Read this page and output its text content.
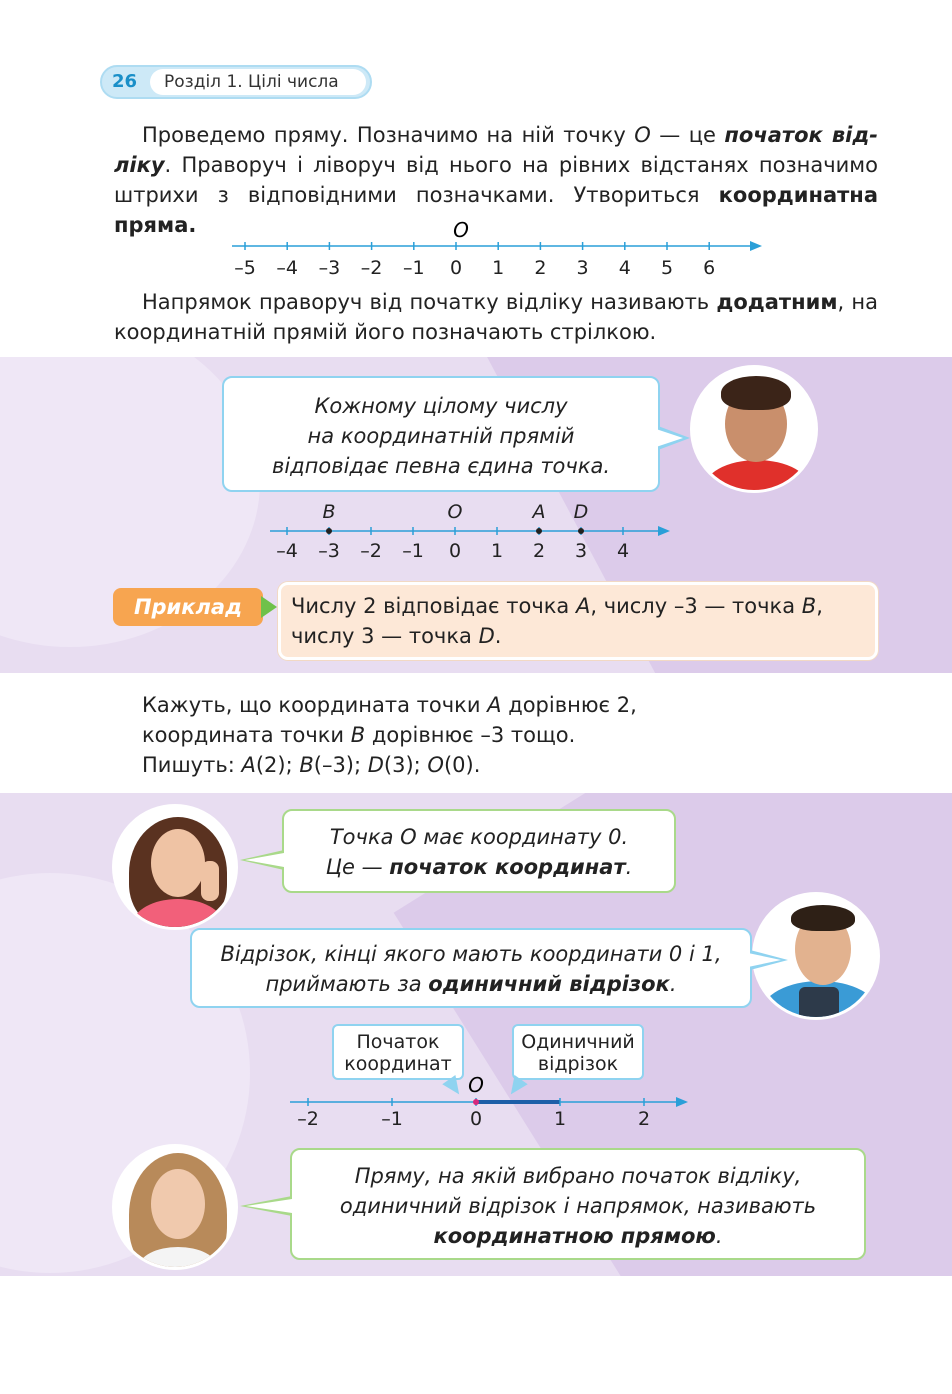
26	Розділ 1. Цілі числа
Проведемо пряму. Позначимо на ній точку O — це початок від- ліку. Праворуч і ліворуч від нього на рівних відстанях позначимо штрихи з відповідними позначками. Утвориться координатна пряма.
–5 –4 –3 –2 –1 0 1 2 3 4 5 6
O
Напрямок праворуч від початку відліку називають додатним, на координатній прямій його позначають стрілкою.
Кожному цілому числу
на координатній прямій
відповідає певна єдина точка.
–4 –3 –2 –1 0 1 2 3 4
B	O	A D
Приклад	Числу 2 відповідає точка A, числу –3 — точка B,
числу 3 — точка D.
Кажуть, що координата точки A дорівнює 2,
координата точки B дорівнює –3 тощо.
Пишуть: A(2); B(–3); D(3); O(0).
Точка O має координату 0.
Це — початок координат.
Відрізок, кінці якого мають координати 0 і 1,
приймають за одиничний відрізок.
Початок
координат
Одиничний
відрізок
–2	–1	0	1	2
O
Пряму, на якій вибрано початок відліку,
одиничний відрізок і напрямок, називають
координатною прямою.
